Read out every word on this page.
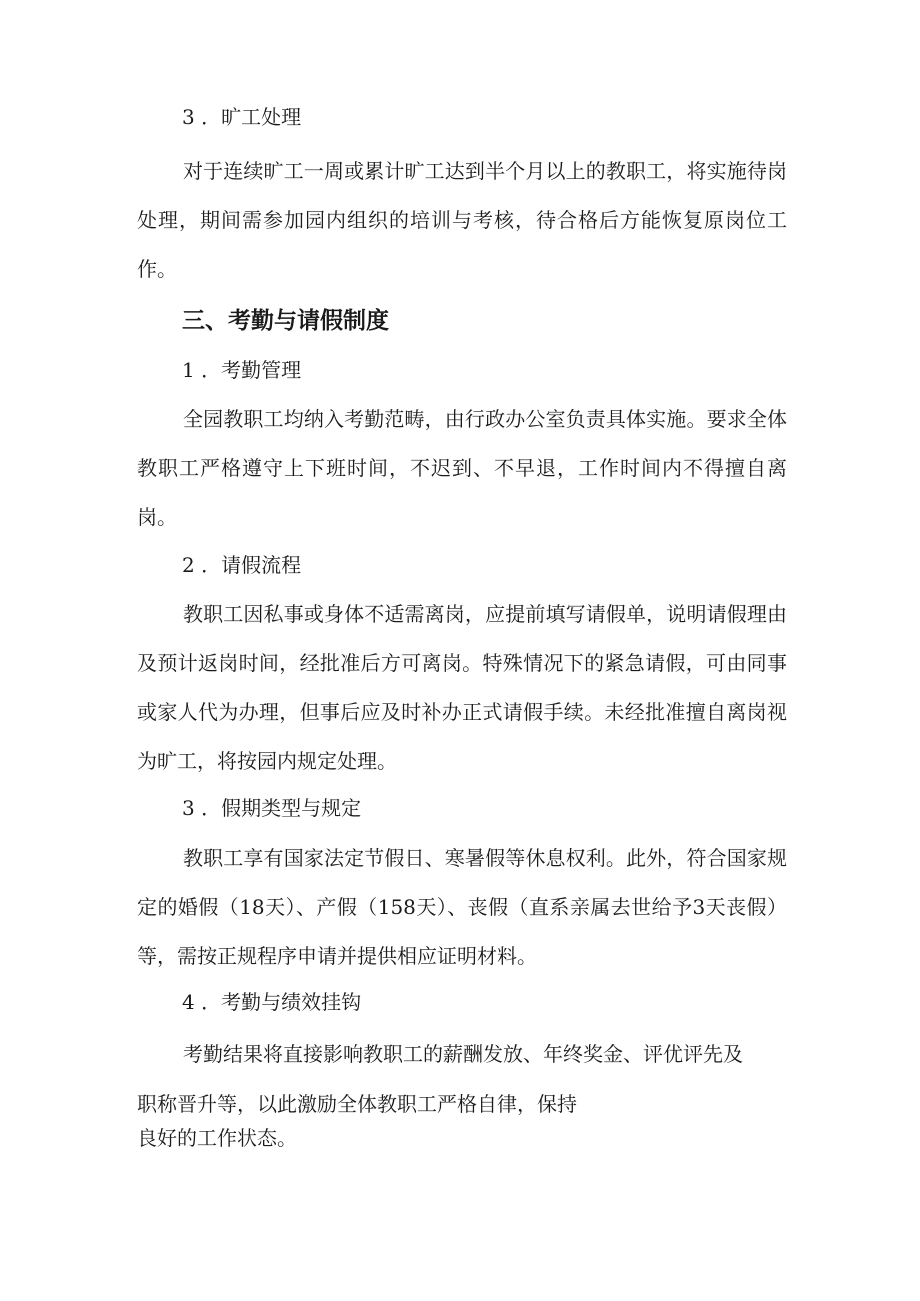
3 ．旷工处理

对于连续旷工一周或累计旷工达到半个月以上的教职工，将实施待岗处理，期间需参加园内组织的培训与考核，待合格后方能恢复原岗位工作。

三、考勤与请假制度

1 ．考勤管理

全园教职工均纳入考勤范畴，由行政办公室负责具体实施。要求全体教职工严格遵守上下班时间，不迟到、不早退，工作时间内不得擅自离岗。

2 ．请假流程

教职工因私事或身体不适需离岗，应提前填写请假单，说明请假理由及预计返岗时间，经批准后方可离岗。特殊情况下的紧急请假，可由同事或家人代为办理，但事后应及时补办正式请假手续。未经批准擅自离岗视为旷工，将按园内规定处理。

3 ．假期类型与规定

教职工享有国家法定节假日、寒暑假等休息权利。此外，符合国家规定的婚假（18天）、产假（158天）、丧假（直系亲属去世给予3天丧假）等，需按正规程序申请并提供相应证明材料。

4 ．考勤与绩效挂钩

考勤结果将直接影响教职工的薪酬发放、年终奖金、评优评先及

职称晋升等，以此激励全体教职工严格自律，保持

良好的工作状态。
